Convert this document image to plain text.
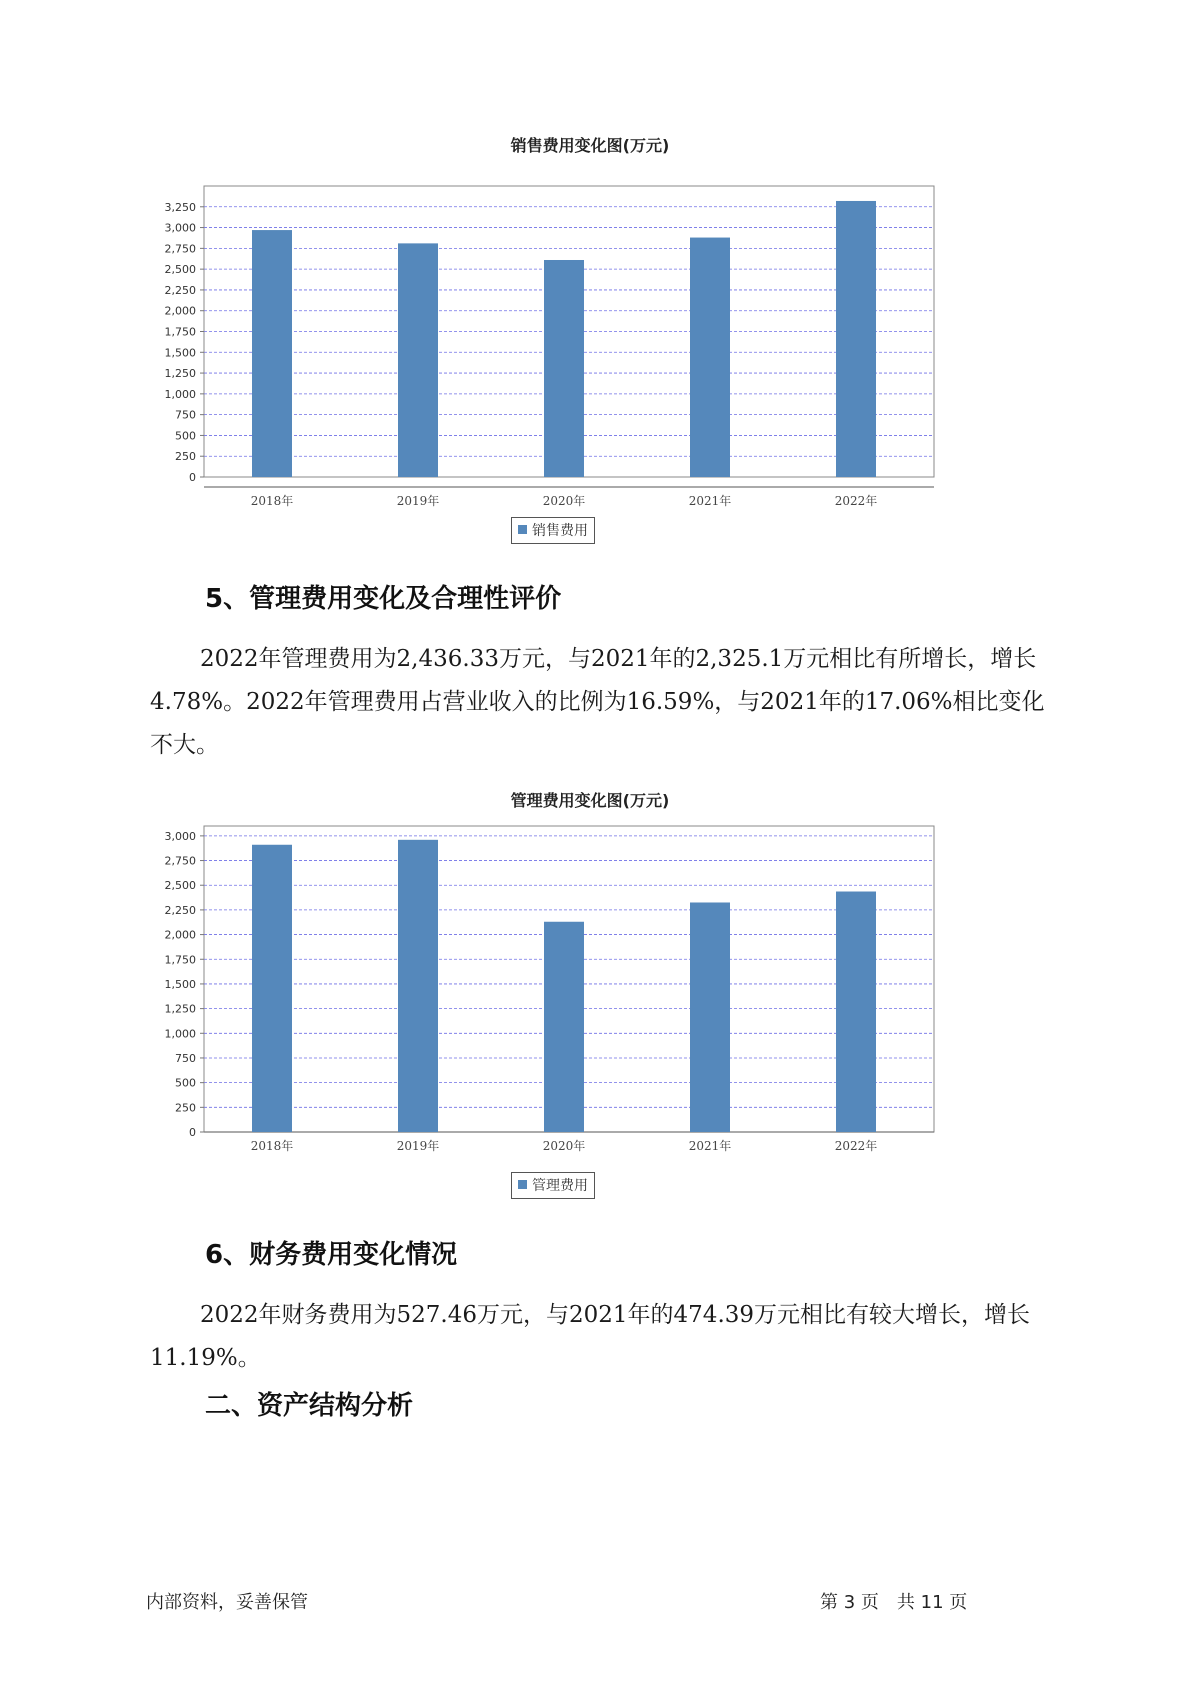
销售费用变化图(万元)
0
250
500
750
1,000
1,250
1,500
1,750
2,000
2,250
2,500
2,750
3,000
3,250
2018年	2019年	2020年	2021年	2022年
销售费用
5、管理费用变化及合理性评价

2022年管理费用为2,436.33万元，与2021年的2,325.1万元相比有所增长，增长4.78%。2022年管理费用占营业收入的比例为16.59%，与2021年的17.06%相比变化不大。

管理费用变化图(万元)
0
250
500
750
1,000
1,250
1,500
1,750
2,000
2,250
2,500
2,750
3,000
2018年	2019年	2020年	2021年	2022年
管理费用
6、财务费用变化情况

2022年财务费用为527.46万元，与2021年的474.39万元相比有较大增长，增长11.19%。

二、资产结构分析
内部资料，妥善保管	第 3 页　共 11 页
